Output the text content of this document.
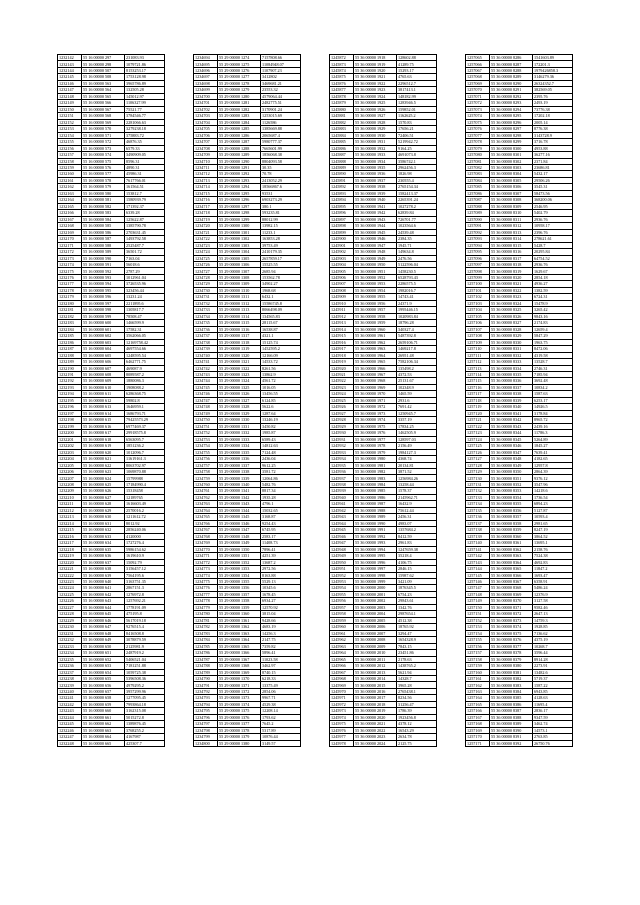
1232142	55 16 00000 297	231083.93
1232143	55 16 00000 298	1079721.86
1232144	55 16 00000 507	8153253.17
1232145	55 16 00000 508	1753128.98
1232146	55 16 00000 563	3965786.89
1232147	55 16 00000 564	132505.28
1232148	55 16 00000 565	145012.97
1232149	55 16 00000 566	1106327.99
1232150	55 16 00000 567	75521.77
1232151	55 16 00000 568	3784546.77
1232152	55 16 00000 569	2281066.63
1232153	55 16 00000 570	3279238.18
1232154	55 16 00000 571	375883.72
1232155	55 16 00000 572	46876.35
1232156	55 16 00000 573	6579.33
1232157	55 16 00000 574	3490909.05
1232158	55 16 00000 575	8596.31
1232159	55 16 00000 576	4890.31
1232160	55 16 00000 577	45986.31
1232161	55 16 00000 578	7617766.01
1232162	55 16 00000 579	161564.51
1232163	55 16 00000 580	153812.7
1232164	55 16 00000 581	1580939.79
1232165	55 16 00000 582	171392.37
1232166	55 16 00000 583	6339.28
1232167	55 16 00000 584	125622.87
1232168	55 16 00000 585	1385790.78
1232169	55 16 00000 586	2703631.45
1232170	55 16 00000 587	1493792.58
1232171	55 16 00000 588	2525487.7
1232172	55 16 00000 589	36501.72
1232173	55 16 00000 590	7163.04
1232174	55 16 00000 591	56018.6
1232175	55 16 00000 592	2787.29
1232176	55 16 00000 593	1012961.04
1232177	55 16 00000 594	3726535.96
1232178	55 16 00000 595	323456.44
1232179	55 16 00000 596	13231.24
1232180	55 16 00000 597	2211895.6
1232181	55 16 00000 598	1305817.7
1232182	55 16 00000 599	78508.47
1232183	55 16 00000 600	1466599.9
1232184	55 16 00000 601	17582.31
1232185	55 16 00000 602	3562066.05
1232186	55 16 00000 603	12169758.42
1232187	55 16 00000 604	4697554.66
1232188	55 16 00000 605	1248595.54
1232189	55 16 00000 606	6462771.75
1232190	55 16 00000 607	469087.9
1232191	55 16 00000 608	8089587.2
1232192	55 16 00000 609	1880086.3
1232193	55 16 00000 610	1908088.2
1232194	55 16 00000 611	6286368.75
1232195	55 16 00000 612	59802.8
1232196	55 16 00000 613	1646959.1
1232197	55 16 00000 614	1686793.71
1232198	55 16 00000 615	79425573.29
1232199	55 16 00000 616	6977469.37
1232200	55 16 00000 617	29918575.8
1232201	55 16 00000 618	6563095.7
1232202	55 16 00000 619	1851236.2
1232203	55 16 00000 620	1012096.7
1232204	55 16 00000 621	11619161.3
1232205	55 16 00000 622	8063702.97
1232206	55 16 00000 623	1069870.88
1232207	55 16 00000 624	15799988
1232208	55 16 00000 625	17184990.4
1232209	55 16 00000 626	15318458
1232210	55 16 00000 627	12189765
1232211	55 16 00000 628	1616603.49
1232212	55 16 00000 629	2570016.2
1232213	55 16 00000 630	1211612.72
1232214	55 16 00000 631	8012.92
1232215	55 16 00000 632	2856240.06
1232216	55 16 00000 633	4120000
1232217	55 16 00000 634	1727276.4
1232218	55 16 00000 635	5986154.62
1232219	55 16 00000 636	1619610.9
1232220	55 16 00000 637	15092.79
1232221	55 16 00000 638	3156457.12
1232222	55 16 00000 639	7564195.6
1232223	55 16 00000 640	3163751.35
1232224	55 16 00000 641	2867151.3
1232225	55 16 00000 642	1276972.8
1232226	55 16 00000 643	1257692.21
1232227	55 16 00000 644	1778191.09
1232228	55 16 00000 645	475195.8
1232229	55 16 00000 646	5617019.18
1232230	55 16 00000 647	9276515.4
1232231	55 16 00000 648	8416508.8
1232232	55 16 00000 649	3078879.59
1232233	55 16 00000 650	2125981.9
1232234	55 16 00000 651	2487919.2
1232235	55 16 00000 652	5406521.04
1232236	55 16 00000 653	7181251.88
1232237	55 16 00000 654	1059725.38
1232238	55 16 00000 655	5396508.36
1232239	55 16 00000 656	4979295.2
1232240	55 16 00000 657	3957299.96
1232241	55 16 00000 658	1277095.45
1232242	55 16 00000 659	7993864.18
1232243	55 16 00000 660	3162315.08
1232244	55 16 00000 661	5015272.8
1232245	55 16 00000 662	1389876.45
1232246	55 16 00000 663	3768255.2
1232247	55 16 00000 664	4167987
1232248	55 16 00000 665	425307.7
1234694	55 29 00000 1274	7157808.66
1234695	55 29 00000 1275	11084948.07
1234696	55 29 00000 1276	1107907.23
1234697	55 29 00000 1277	3412802
1234698	55 29 00000 1278	3469681.21
1234699	55 29 00000 1279	23553.32
1234700	55 29 00000 1280	4579064.44
1234701	55 29 00000 1281	2482775.51
1234702	55 29 00000 1282	3170901.24
1234703	55 29 00000 1283	1253015.69
1234704	55 29 00000 1284	1126586
1234705	55 29 00000 1285	1385669.88
1234706	55 29 00000 1286	2065687.4
1234707	55 29 00000 1287	5980777.37
1234708	55 29 00000 1288	7665601.99
1234709	55 29 00000 1289	1856068.38
1234710	55 29 00000 1290	8804093.58
1234711	55 29 00000 1291	30.35
1234712	55 29 00000 1292	70.78
1234713	55 29 00000 1293	2413052.29
1234714	55 29 00000 1294	18566867.6
1234715	55 29 00000 1295	93531
1234716	55 29 00000 1296	6903273.29
1234717	55 29 00000 1297	380.1
1234718	55 29 00000 1298	593235.81
1234719	55 29 00000 1299	88012.99
1234720	55 29 00000 1300	13982.15
1234721	55 29 00000 1301	11233.1
1234722	55 29 00000 1302	163853.28
1234723	55 29 00000 1303	39753.49
1234724	55 29 00000 1304	2410179.35
1234725	55 29 00000 1305	2657859.17
1234726	55 29 00000 1306	15525.55
1234727	55 29 00000 1307	2685.94
1234728	55 29 00000 1308	153562.78
1234729	55 29 00000 1309	34902.27
1234730	55 29 00000 1310	1968.68
1234731	55 29 00000 1311	6432.1
1234732	55 29 00000 1312	15586745.8
1234733	55 29 00000 1313	8066498.09
1234734	55 29 00000 1314	134565.83
1234735	55 29 00000 1315	28115.67
1234736	55 29 00000 1316	16538.87
1234737	55 29 00000 1317	4321.1
1234738	55 29 00000 1318	15125.74
1234739	55 29 00000 1319	1452595.2
1234740	55 29 00000 1320	12166.09
1234741	55 29 00000 1321	14533.72
1234742	55 29 00000 1322	8261.56
1234743	55 29 00000 1323	13862.9
1234744	55 29 00000 1324	4561.72
1234745	55 29 00000 1325	1016.05
1234746	55 29 00000 1326	13456.55
1234747	55 29 00000 1327	6124.85
1234748	55 29 00000 1328	5622.6
1234749	55 29 00000 1329	1287.64
1234750	55 29 00000 1330	13246.19
1234751	55 29 00000 1331	3450.82
1234752	55 29 00000 1332	1985.87
1234753	55 29 00000 1333	6589.43
1234754	55 29 00000 1334	14812.63
1234755	55 29 00000 1335	7124.48
1234756	55 29 00000 1336	2436.04
1234757	55 29 00000 1337	9612.25
1234758	55 29 00000 1338	3581.72
1234759	55 29 00000 1339	12064.86
1234760	55 29 00000 1340	5482.76
1234761	55 29 00000 1341	8817.34
1234762	55 29 00000 1342	1935.28
1234763	55 29 00000 1343	4796.1
1234764	55 29 00000 1344	15032.65
1234765	55 29 00000 1345	3168.87
1234766	55 29 00000 1346	9254.43
1234767	55 29 00000 1347	6745.95
1234768	55 29 00000 1348	2583.17
1234769	55 29 00000 1349	11408.73
1234770	55 29 00000 1350	7896.41
1234771	55 29 00000 1351	4251.39
1234772	55 29 00000 1352	13687.2
1234773	55 29 00000 1353	2972.56
1234774	55 29 00000 1354	8163.88
1234775	55 29 00000 1355	5529.13
1234776	55 29 00000 1356	10345.6
1234777	55 29 00000 1357	1678.45
1234778	55 29 00000 1358	6934.27
1234779	55 29 00000 1359	12570.92
1234780	55 29 00000 1360	3815.04
1234781	55 29 00000 1361	9428.66
1234782	55 29 00000 1362	4683.19
1234783	55 29 00000 1363	14256.3
1234784	55 29 00000 1364	2147.75
1234785	55 29 00000 1365	7359.82
1234786	55 29 00000 1366	5896.41
1234787	55 29 00000 1367	11023.58
1234788	55 29 00000 1368	3462.97
1234789	55 29 00000 1369	8740.15
1234790	55 29 00000 1370	6218.33
1234791	55 29 00000 1371	13375.49
1234792	55 29 00000 1372	2854.06
1234793	55 29 00000 1373	9967.71
1234794	55 29 00000 1374	4529.38
1234795	55 29 00000 1375	12208.14
1234796	55 29 00000 1376	1793.62
1234797	55 29 00000 1377	7645.2
1234798	55 29 00000 1378	5317.89
1234799	55 29 00000 1379	10876.44
1234800	55 29 00000 1380	3149.57
1245872	55 36 00000 1918	128602.88
1245873	55 36 00000 1919	41289.75
1245874	55 36 00000 1920	15293.17
1245875	55 36 00000 1921	4765.63
1245876	55 36 00000 1922	2296512.7
1245877	55 36 00000 1923	3817413.1
1245878	55 36 00000 1924	148182.99
1245879	55 36 00000 1925	1283946.5
1245880	55 36 00000 1926	159852.01
1245881	55 36 00000 1927	1162625.2
1245882	55 36 00000 1928	1570.83
1245883	55 36 00000 1929	17656.21
1245884	55 36 00000 1930	72406.51
1245885	55 36 00000 1931	5219942.72
1245886	55 36 00000 1932	9164.25
1245887	55 36 00000 1933	4691073.8
1245888	55 36 00000 1934	3586742.1
1245889	55 36 00000 1935	2962456.3
1245890	55 36 00000 1936	1826.98
1245891	55 36 00000 1937	230555.4
1245892	55 36 00000 1938	2765154.34
1245893	55 36 00000 1939	1582413.37
1245894	55 36 00000 1940	2265391.24
1245895	55 36 00000 1941	1027278.2
1245896	55 36 00000 1942	62839.84
1245897	55 36 00000 1943	726701.77
1245898	55 36 00000 1944	1023564.6
1245899	55 36 00000 1945	24539.48
1245900	55 36 00000 1946	2384.35
1245901	55 36 00000 1947	1945.71
1245902	55 36 00000 1948	149634.8
1245903	55 36 00000 1949	2476.56
1245904	55 36 00000 1950	5122596.04
1245905	55 36 00000 1951	1458230.5
1245906	55 36 00000 1952	6528793.43
1245907	55 36 00000 1953	2286575.5
1245908	55 36 00000 1954	1982016.7
1245909	55 36 00000 1955	14743.41
1245910	55 36 00000 1956	24371.9
1245911	55 36 00000 1957	1995446.15
1245912	55 36 00000 1958	1020983.84
1245913	55 36 00000 1959	18796.28
1245914	55 36 00000 1960	340327.4
1245915	55 36 00000 1961	5487392.8
1245916	55 36 00000 1962	2659106.71
1245917	55 36 00000 1963	1469217.8
1245918	55 36 00000 1964	26951.48
1245919	55 36 00000 1965	7582106.34
1245920	55 36 00000 1966	135498.2
1245921	55 36 00000 1967	4372.53
1245922	55 36 00000 1968	25131.67
1245923	55 36 00000 1969	102348.9
1245924	55 36 00000 1970	1465.59
1245925	55 36 00000 1971	2931.6
1245926	55 36 00000 1972	7691.42
1245927	55 36 00000 1973	1250945.7
1245928	55 36 00000 1974	3357.19
1245929	55 36 00000 1975	17834.25
1245930	55 36 00000 1976	1462505.9
1245931	55 36 00000 1977	128597.03
1245932	55 36 00000 1978	2156.49
1245933	55 36 00000 1979	1984127.3
1245934	55 36 00000 1980	4368.74
1245935	55 36 00000 1981	20134.81
1245936	55 36 00000 1982	3871.52
1245937	55 36 00000 1983	1256984.26
1245938	55 36 00000 1984	13258.44
1245939	55 36 00000 1985	1578.37
1245940	55 36 00000 1986	2145962.71
1245941	55 36 00000 1987	16432.9
1245942	55 36 00000 1988	75612.44
1245943	55 36 00000 1989	2456.31
1245944	55 36 00000 1990	4983.07
1245945	55 36 00000 1991	1357684.2
1245946	55 36 00000 1992	8412.59
1245947	55 36 00000 1993	2961.83
1245948	55 36 00000 1994	1247659.38
1245949	55 36 00000 1995	35218.4
1245950	55 36 00000 1996	4106.75
1245951	55 36 00000 1997	2846.15
1245952	55 36 00000 1998	15987.62
1245953	55 36 00000 1999	3421.09
1245954	55 36 00000 2000	1876345.5
1245955	55 36 00000 2001	6754.23
1245956	55 36 00000 2002	29843.61
1245957	55 36 00000 2003	1342.76
1245958	55 36 00000 2004	2987654.1
1245959	55 36 00000 2005	4512.38
1245960	55 36 00000 2006	18765.92
1245961	55 36 00000 2007	3294.47
1245962	55 36 00000 2008	1654328.9
1245963	55 36 00000 2009	7843.15
1245964	55 36 00000 2010	23451.86
1245965	55 36 00000 2011	2178.63
1245966	55 36 00000 2012	1438765.2
1245967	55 36 00000 2013	5621.94
1245968	55 36 00000 2014	14328.7
1245969	55 36 00000 2015	3965.28
1245970	55 36 00000 2016	2765438.1
1245971	55 36 00000 2017	8234.56
1245972	55 36 00000 2018	31256.47
1245973	55 36 00000 2019	1786.39
1245974	55 36 00000 2020	1923456.8
1245975	55 36 00000 2021	4378.12
1245976	55 36 00000 2022	16543.29
1245977	55 36 00000 2023	2634.78
1245978	55 36 00000 2024	2125.75
1257065	55 36 00000 8286	1541603.89
1257066	55 36 00000 8287	172201.3
1257067	55 36 00000 8288	1979426858.3
1257068	55 36 00000 8289	3146279.36
1257069	55 36 00000 8290	26324352.7
1257070	55 36 00000 8291	382569.05
1257071	55 36 00000 8292	2395.76
1257072	55 36 00000 8293	2493.19
1257073	55 36 00000 8294	73776.38
1257074	55 36 00000 8295	17202.18
1257075	55 36 00000 8296	2005.14
1257076	55 36 00000 8297	8776.38
1257077	55 36 00000 8298	3143728.9
1257078	55 36 00000 8299	3716.78
1257079	55 36 00000 8300	4953.88
1257080	55 36 00000 8301	36277.16
1257081	55 36 00000 8302	2371.84
1257082	55 36 00000 8303	23686.81
1257083	55 36 00000 8304	5432.17
1257084	55 36 00000 8305	29506.26
1257085	55 36 00000 8306	3545.31
1257086	55 36 00000 8307	58473.56
1257087	55 36 00000 8308	368200.06
1257088	55 36 00000 8309	2546.95
1257089	55 36 00000 8310	5402.79
1257090	55 36 00000 8311	2936.76
1257091	55 36 00000 8312	10958.17
1257092	55 36 00000 8313	2396.76
1257093	55 36 00000 8314	278621.61
1257094	55 36 00000 8315	5428.7
1257095	55 36 00000 8316	20295.84
1257096	55 36 00000 8317	64754.52
1257097	55 36 00000 8318	2936.76
1257098	55 36 00000 8319	1629.67
1257099	55 36 00000 8320	2854.18
1257100	55 36 00000 8321	4936.27
1257101	55 36 00000 8322	1382.59
1257102	55 36 00000 8323	6724.31
1257103	55 36 00000 8324	15478.9
1257104	55 36 00000 8325	3265.42
1257105	55 36 00000 8326	9843.16
1257106	55 36 00000 8327	2174.83
1257107	55 36 00000 8328	12659.4
1257108	55 36 00000 8329	5847.29
1257109	55 36 00000 8330	1963.75
1257110	55 36 00000 8331	8472.06
1257111	55 36 00000 8332	4319.58
1257112	55 36 00000 8333	13528.7
1257113	55 36 00000 8334	2746.31
1257114	55 36 00000 8335	7185.94
1257115	55 36 00000 8336	3692.48
1257116	55 36 00000 8337	10834.2
1257117	55 36 00000 8338	1587.63
1257118	55 36 00000 8339	6253.17
1257119	55 36 00000 8340	14926.5
1257120	55 36 00000 8341	3178.84
1257121	55 36 00000 8342	8965.72
1257122	55 36 00000 8343	2439.16
1257123	55 36 00000 8344	11786.3
1257124	55 36 00000 8345	5264.89
1257125	55 36 00000 8346	1845.27
1257126	55 36 00000 8347	7639.41
1257127	55 36 00000 8348	4182.65
1257128	55 36 00000 8349	12957.8
1257129	55 36 00000 8350	2864.39
1257130	55 36 00000 8351	9376.12
1257131	55 36 00000 8352	3547.96
1257132	55 36 00000 8353	14218.6
1257133	55 36 00000 8354	1736.54
1257134	55 36 00000 8355	6894.23
1257135	55 36 00000 8356	5127.87
1257136	55 36 00000 8357	10593.4
1257137	55 36 00000 8358	2981.65
1257138	55 36 00000 8359	8247.19
1257139	55 36 00000 8360	3864.52
1257140	55 36 00000 8361	13695.1
1257141	55 36 00000 8362	2158.76
1257142	55 36 00000 8363	7524.38
1257143	55 36 00000 8364	4692.83
1257144	55 36 00000 8365	11847.2
1257145	55 36 00000 8366	1693.47
1257146	55 36 00000 8367	6358.91
1257147	55 36 00000 8368	5486.24
1257148	55 36 00000 8369	12376.9
1257149	55 36 00000 8370	3127.58
1257150	55 36 00000 8371	9582.46
1257151	55 36 00000 8372	2647.13
1257152	55 36 00000 8373	14759.3
1257153	55 36 00000 8374	1928.85
1257154	55 36 00000 8375	7136.62
1257155	55 36 00000 8376	4375.19
1257156	55 36 00000 8377	10268.7
1257157	55 36 00000 8378	3596.44
1257158	55 36 00000 8379	8914.28
1257159	55 36 00000 8380	2273.91
1257160	55 36 00000 8381	13482.6
1257161	55 36 00000 8382	5719.37
1257162	55 36 00000 8383	1587.22
1257163	55 36 00000 8384	6943.85
1257164	55 36 00000 8385	4128.63
1257165	55 36 00000 8386	11695.4
1257166	55 36 00000 8387	2836.17
1257167	55 36 00000 8388	9347.59
1257168	55 36 00000 8389	3462.74
1257169	55 36 00000 8390	14573.1
1257170	55 36 00000 8391	2763.85
1257171	55 36 00000 8392	26750.76
